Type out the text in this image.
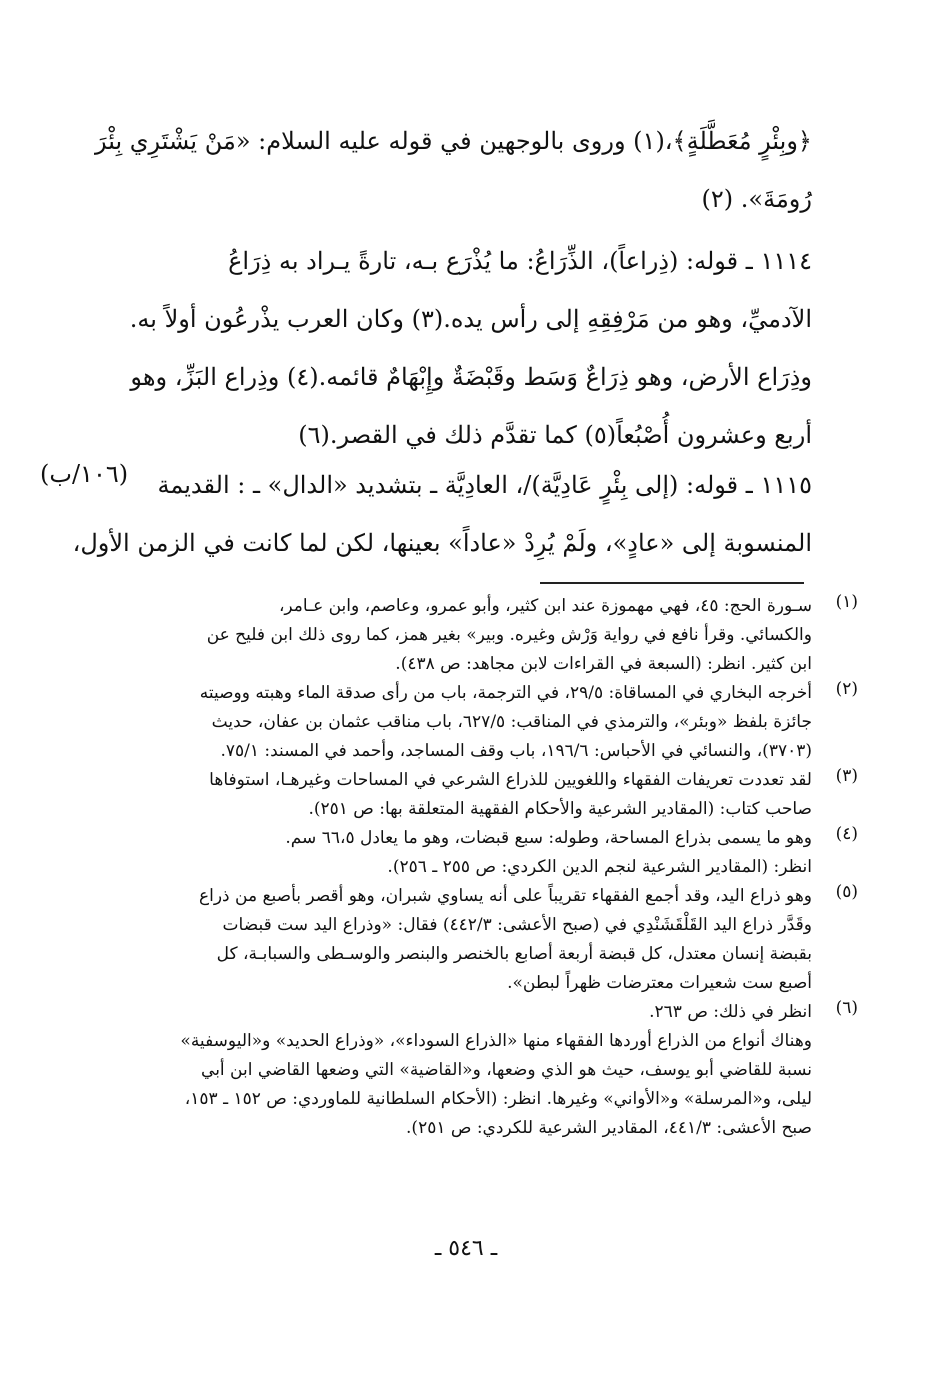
﴿وبِئْرٍ مُعَطَّلَةٍ﴾،(١) وروى بالوجهين في قوله عليه السلام: «مَنْ يَشْتَرِي بِئْرَ
رُومَةَ». (٢)
١١١٤ ـ قوله: (ذِراعاً)، الذِّرَاعُ: ما يُذْرَع بـه، تارةً يـراد به ذِرَاعُ
الآدميِّ، وهو من مَرْفِقِهِ إلى رأس يده.(٣) وكان العرب يذْرعُون أولاً به.
وذِرَاع الأرض، وهو ذِرَاعٌ وَسَط وقَبْضَةٌ وإِبْهَامٌ قائمه.(٤) وذِراع البَزِّ، وهو
أربع وعشرون أُصْبُعاً(٥) كما تقدَّم ذلك في القصر.(٦)
١١١٥ ـ قوله: (إلى بِئْرٍ عَادِيَّة)/، العادِيَّة ـ بتشديد «الدال» ـ : القديمة
المنسوبة إلى «عادٍ»، ولَمْ يُرِدْ «عاداً» بعينها، لكن لما كانت في الزمن الأول،
(١٠٦/ب)
(١)
سـورة الحج: ٤٥، فهي مهموزة عند ابن كثير، وأبو عمرو، وعاصم، وابن عـامر،
والكسائي. وقرأ نافع في رواية وَرْش وغيره. وبير» بغير همز، كما روى ذلك ابن فليح عن
ابن كثير. انظر: (السبعة في القراءات لابن مجاهد: ص ٤٣٨).
(٢)
أخرجه البخاري في المساقاة: ٢٩/٥، في الترجمة، باب من رأى صدقة الماء وهبته ووصيته
جائزة بلفظ «وبئر»، والترمذي في المناقب: ٦٢٧/٥، باب مناقب عثمان بن عفان، حديث
(٣٧٠٣)، والنسائي في الأحباس: ١٩٦/٦، باب وقف المساجد، وأحمد في المسند: ٧٥/١.
(٣)
لقد تعددت تعريفات الفقهاء واللغويين للذراع الشرعي في المساحات وغيرهـا، استوفاها
صاحب كتاب: (المقادير الشرعية والأحكام الفقهية المتعلقة بها: ص ٢٥١).
(٤)
وهو ما يسمى بذراع المساحة، وطوله: سبع قبضات، وهو ما يعادل ٦٦،٥ سم.
انظر: (المقادير الشرعية لنجم الدين الكردي: ص ٢٥٥ ـ ٢٥٦).
(٥)
وهو ذراع اليد، وقد أجمع الفقهاء تقريباً على أنه يساوي شبران، وهو أقصر بأصبع من ذراع
وقَدَّر ذراع اليد القَلْقَشَنْدِي في (صبح الأعشى: ٤٤٢/٣) فقال: «وذراع اليد ست قبضات
بقبضة إنسان معتدل، كل قبضة أربعة أصابع بالخنصر والبنصر والوسـطى والسبابـة، كل
أصبع ست شعيرات معترضات ظهراً لبطن».
(٦)
انظر في ذلك: ص ٢٦٣.
وهناك أنواع من الذراع أوردها الفقهاء منها «الذراع السوداء»، «وذراع الحديد» و«اليوسفية»
نسبة للقاضي أبو يوسف، حيث هو الذي وضعها، و«القاضية» التي وضعها القاضي ابن أبي
ليلى، و«المرسلة» و«الأواني» وغيرها. انظر: (الأحكام السلطانية للماوردي: ص ١٥٢ ـ ١٥٣،
صبح الأعشى: ٤٤١/٣، المقادير الشرعية للكردي: ص ٢٥١).
ـ ٥٤٦ ـ
